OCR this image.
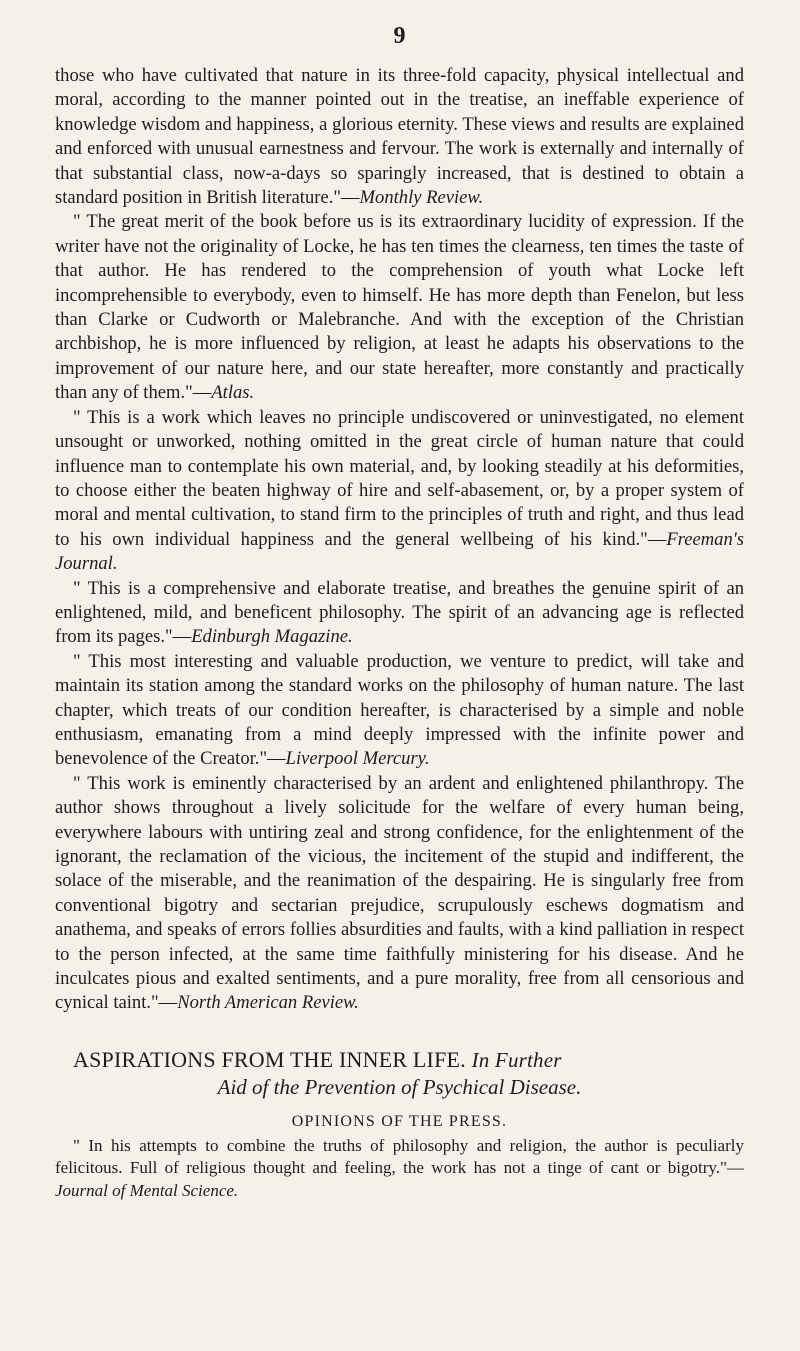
9

those who have cultivated that nature in its three-fold capacity, physical intellectual and moral, according to the manner pointed out in the treatise, an ineffable experience of knowledge wisdom and happiness, a glorious eternity. These views and results are explained and enforced with unusual earnestness and fervour. The work is externally and internally of that substantial class, now-a-days so sparingly increased, that is destined to obtain a standard position in British literature."—Monthly Review.

" The great merit of the book before us is its extraordinary lucidity of expression. If the writer have not the originality of Locke, he has ten times the clearness, ten times the taste of that author. He has rendered to the comprehension of youth what Locke left incomprehensible to everybody, even to himself. He has more depth than Fenelon, but less than Clarke or Cudworth or Malebranche. And with the exception of the Christian archbishop, he is more influenced by religion, at least he adapts his observations to the improvement of our nature here, and our state hereafter, more constantly and practically than any of them."—Atlas.

" This is a work which leaves no principle undiscovered or uninvestigated, no element unsought or unworked, nothing omitted in the great circle of human nature that could influence man to contemplate his own material, and, by looking steadily at his deformities, to choose either the beaten highway of hire and self-abasement, or, by a proper system of moral and mental cultivation, to stand firm to the principles of truth and right, and thus lead to his own individual happiness and the general wellbeing of his kind."—Freeman's Journal.

" This is a comprehensive and elaborate treatise, and breathes the genuine spirit of an enlightened, mild, and beneficent philosophy. The spirit of an advancing age is reflected from its pages."—Edinburgh Magazine.

" This most interesting and valuable production, we venture to predict, will take and maintain its station among the standard works on the philosophy of human nature. The last chapter, which treats of our condition hereafter, is characterised by a simple and noble enthusiasm, emanating from a mind deeply impressed with the infinite power and benevolence of the Creator."—Liverpool Mercury.

" This work is eminently characterised by an ardent and enlightened philanthropy. The author shows throughout a lively solicitude for the welfare of every human being, everywhere labours with untiring zeal and strong confidence, for the enlightenment of the ignorant, the reclamation of the vicious, the incitement of the stupid and indifferent, the solace of the miserable, and the reanimation of the despairing. He is singularly free from conventional bigotry and sectarian prejudice, scrupulously eschews dogmatism and anathema, and speaks of errors follies absurdities and faults, with a kind palliation in respect to the person infected, at the same time faithfully ministering for his disease. And he inculcates pious and exalted sentiments, and a pure morality, free from all censorious and cynical taint."—North American Review.

ASPIRATIONS FROM THE INNER LIFE. In Further
Aid of the Prevention of Psychical Disease.
OPINIONS OF THE PRESS.

" In his attempts to combine the truths of philosophy and religion, the author is peculiarly felicitous. Full of religious thought and feeling, the work has not a tinge of cant or bigotry."—Journal of Mental Science.
